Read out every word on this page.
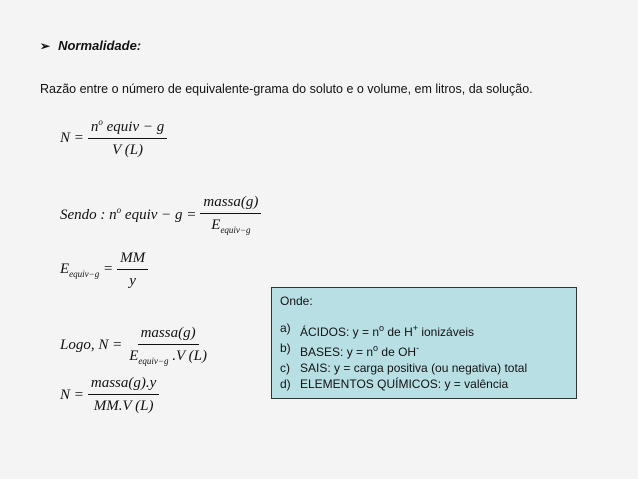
➢ Normalidade:
Razão entre o número de equivalente-grama do soluto e o volume, em litros, da solução.
$N = \frac{n^o equiv - g}{V (L)}$
Sendo : $n^o$ equiv − $g = \frac{\text{massa(g)}}{E_{equiv-g}}$
$E_{equiv-g} = \frac{MM}{y}$
Logo, $N = \frac{\text{massa(g)}}{E_{equiv-g} .V (L)}$
$N = \frac{\text{massa(g).y}}{MM.V (L)}$
Onde:
a) ÁCIDOS: $y = n^o$ de H+ ionizáveis
b) BASES: $y = n^o$ de OH-
c) SAIS: y = carga positiva (ou negativa) total
d) ELEMENTOS QUÍMICOS: y = valência
